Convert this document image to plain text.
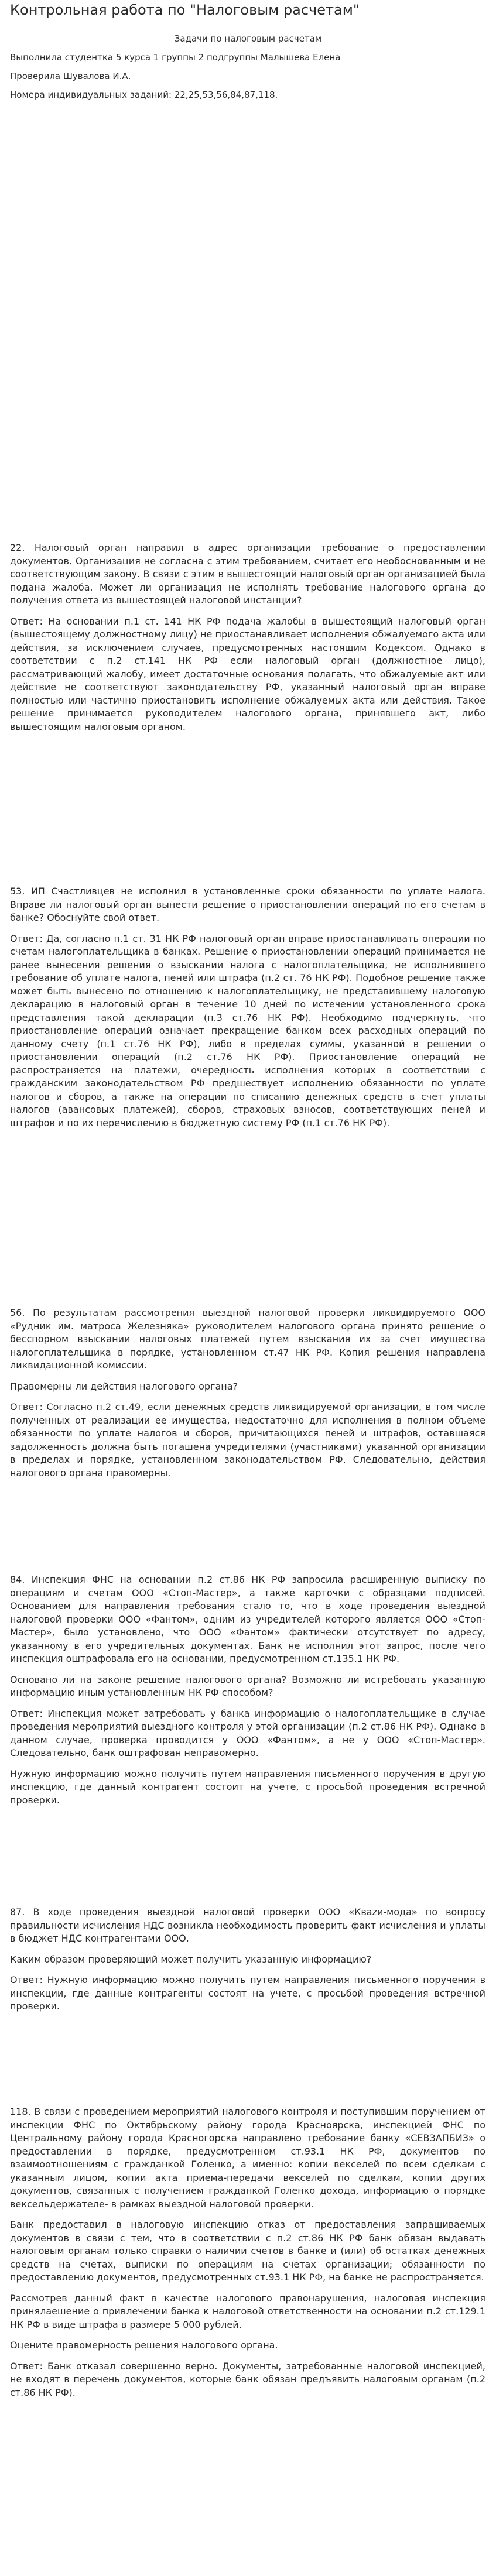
Контрольная работа по "Налоговым расчетам"
Задачи по налоговым расчетам
Выполнила студентка 5 курса 1 группы 2 подгруппы Малышева Елена
Проверила Шувалова И.А.
Номера индивидуальных заданий: 22,25,53,56,84,87,118.

22. Налоговый орган направил в адрес организации требование о предоставлении документов. Организация не согласна с этим требованием, считает его необоснованным и не соответствующим закону. В связи с этим в вышестоящий налоговый орган организацией была подана жалоба. Может ли организация не исполнять требование налогового органа до получения ответа из вышестоящей налоговой инстанции?

Ответ: На основании п.1 ст. 141 НК РФ подача жалобы в вышестоящий налоговый орган (вышестоящему должностному лицу) не приостанавливает исполнения обжалуемого акта или действия, за исключением случаев, предусмотренных настоящим Кодексом. Однако в соответствии с п.2 ст.141 НК РФ если налоговый орган (должностное лицо), рассматривающий жалобу, имеет достаточные основания полагать, что обжалуемые акт или действие не соответствуют законодательству РФ, указанный налоговый орган вправе полностью или частично приостановить исполнение обжалуемых акта или действия. Такое решение принимается руководителем налогового органа, принявшего акт, либо вышестоящим налоговым органом.

53. ИП Счастливцев не исполнил в установленные сроки обязанности по уплате налога. Вправе ли налоговый орган вынести решение о приостановлении операций по его счетам в банке? Обоснуйте свой ответ.

Ответ: Да, согласно п.1 ст. 31 НК РФ налоговый орган вправе приостанавливать операции по счетам налогоплательщика в банках. Решение о приостановлении операций принимается не ранее вынесения решения о взыскании налога с налогоплательщика, не исполнившего требование об уплате налога, пеней или штрафа (п.2 ст. 76 НК РФ). Подобное решение также может быть вынесено по отношению к налогоплательщику, не представившему налоговую декларацию в налоговый орган в течение 10 дней по истечении установленного срока представления такой декларации (п.3 ст.76 НК РФ). Необходимо подчеркнуть, что приостановление операций означает прекращение банком всех расходных операций по данному счету (п.1 ст.76 НК РФ), либо в пределах суммы, указанной в решении о приостановлении операций (п.2 ст.76 НК РФ). Приостановление операций не распространяется на платежи, очередность исполнения которых в соответствии с гражданским законодательством РФ предшествует исполнению обязанности по уплате налогов и сборов, а также на операции по списанию денежных средств в счет уплаты налогов (авансовых платежей), сборов, страховых взносов, соответствующих пеней и штрафов и по их перечислению в бюджетную систему РФ (п.1 ст.76 НК РФ).

56. По результатам рассмотрения выездной налоговой проверки ликвидируемого ООО «Рудник им. матроса Железнякa» руководителем налогового органа принято решение о бесспорном взыскании налоговых платежей путем взыскания их за счет имущества налогоплательщика в порядке, установленном ст.47 НК РФ. Копия решения направлена ликвидационной комиссии.

Правомерны ли действия налогового органа?

Ответ: Согласно п.2 ст.49, если денежных средств ликвидируемой организации, в том числе полученных от реализации ее имущества, недостаточно для исполнения в полном объеме обязанности по уплате налогов и сборов, причитающихся пеней и штрафов, оставшаяся задолженность должна быть погашена учредителями (участниками) указанной организации в пределах и порядке, установленном законодательством РФ. Следовательно, действия налогового органа правомерны.

84. Инспекция ФНС на основании п.2 ст.86 НК РФ запросила расширенную выписку по операциям и счетам ООО «Стоп-Мастер», а также карточки с образцами подписей. Основанием для направления требования стало то, что в ходе проведения выездной налоговой проверки ООО «Фантом», одним из учредителей которого является ООО «Стоп-Мастер», было установлено, что ООО «Фантом» фактически отсутствует по адресу, указанному в его учредительных документах. Банк не исполнил этот запрос, после чего инспекция оштрафовала его на основании, предусмотренном ст.135.1 НК РФ.

Основано ли на законе решение налогового органа? Возможно ли истребовать указанную информацию иным установленным НК РФ способом?

Ответ: Инспекция может затребовать у банка информацию о налогоплательщике в случае проведения мероприятий выездного контроля у этой организации (п.2 ст.86 НК РФ). Однако в данном случае, проверка проводится у ООО «Фантом», а не у ООО «Стоп-Мастер». Следовательно, банк оштрафован неправомерно.

Нужную информацию можно получить путем направления письменного поручения в другую инспекцию, где данный контрагент состоит на учете, с просьбой проведения встречной проверки.

87. В ходе проведения выездной налоговой проверки ООО «Кваzи-мода» по вопросу правильности исчисления НДС возникла необходимость проверить факт исчисления и уплаты в бюджет НДС контрагентами ООО.

Каким образом проверяющий может получить указанную информацию?

Ответ: Нужную информацию можно получить путем направления письменного поручения в инспекции, где данные контрагенты состоят на учете, с просьбой проведения встречной проверки.

118. В связи с проведением мероприятий налогового контроля и поступившим поручением от инспекции ФНС по Октябрьскому району города Красноярска, инспекцией ФНС по Центральному району города Красногорска направлено требование банку «СЕВЗАПБИЗ» о предоставлении в порядке, предусмотренном ст.93.1 НК РФ, документов по взаимоотношениям с гражданкой Голенко, а именно: копии векселей по всем сделкам с указанным лицом, копии акта приема-передачи векселей по сделкам, копии других документов, связанных с получением гражданкой Голенко дохода, информацию о порядке вексельдержателе- в рамках выездной налоговой проверки.

Банк предоставил в налоговую инспекцию отказ от предоставления запрашиваемых документов в связи с тем, что в соответствии с п.2 ст.86 НК РФ банк обязан выдавать налоговым органам только справки о наличии счетов в банке и (или) об остатках денежных средств на счетах, выписки по операциям на счетах организации; обязанности по предоставлению документов, предусмотренных ст.93.1 НК РФ, на банке не распространяется.

Рассмотрев данный факт в качестве налогового правонарушения, налоговая инспекция принялаешение о привлечении банка к налоговой ответственности на основании п.2 ст.129.1 НК РФ в виде штрафа в размере 5 000 рублей.

Оцените правомерность решения налогового органа.

Ответ: Банк отказал совершенно верно. Документы, затребованные налоговой инспекцией, не входят в перечень документов, которые банк обязан предъявить налоговым органам (п.2 ст.86 НК РФ).
